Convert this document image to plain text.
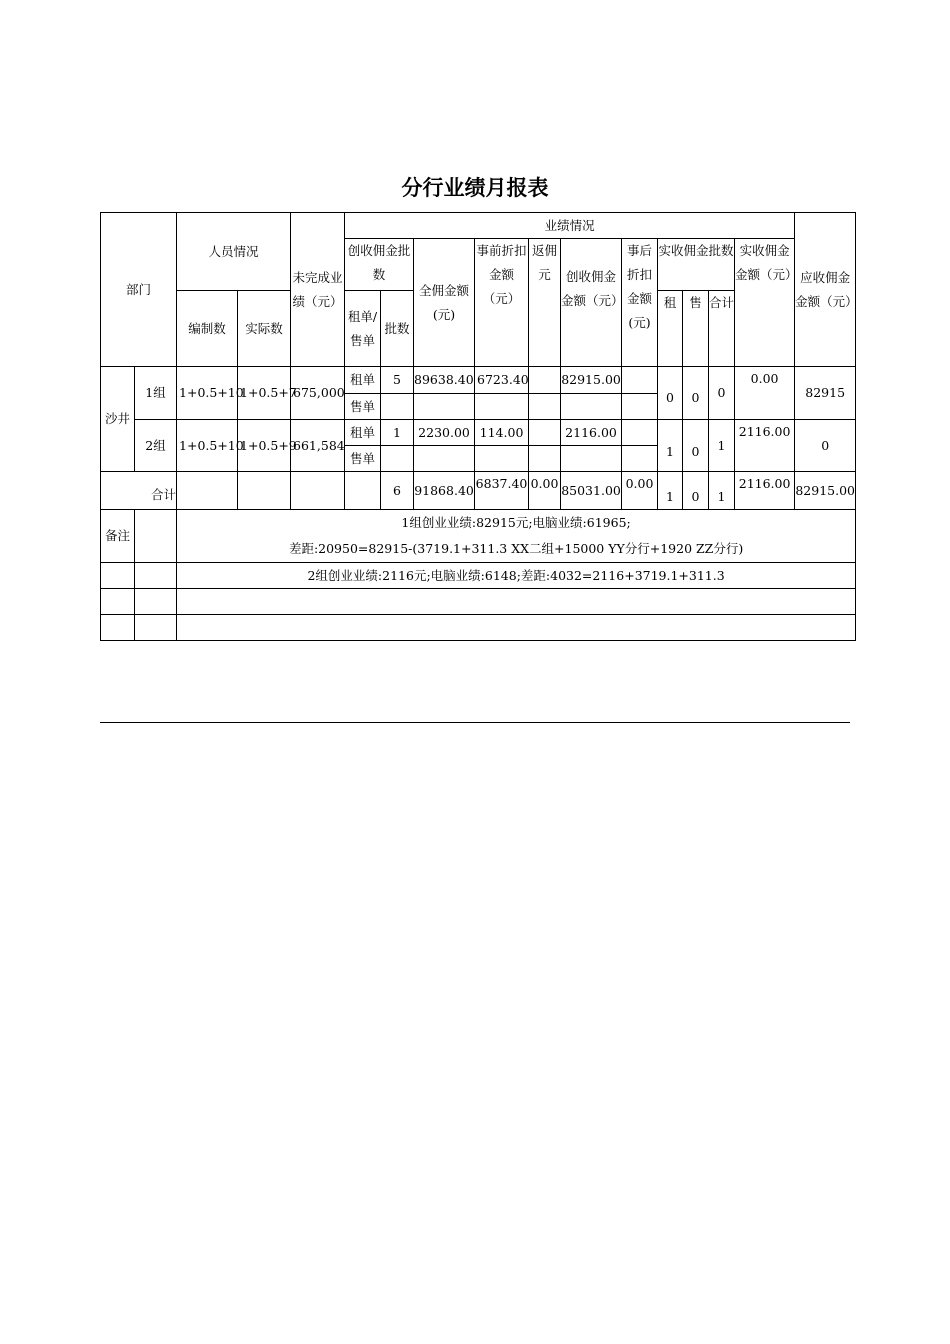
分行业绩月报表
部门		人员情况		未完成业绩（元）	业绩情况											应收佣金金额（元）
					创收佣金批数		全佣金额(元)	事前折扣金额（元）	返佣元	创收佣金金额（元）	事后折扣金额(元)	实收佣金批数			实收佣金金额（元）	
		编制数	实际数		租单/售单	批数						租	售	合计		
沙井	1组	1+0.5+10	1+0.5+7	675,000	租单	5	89638.40	6723.40		82915.00		0	0	0	0.00	82915
					售单											
	2组	1+0.5+10	1+0.5+9	661,584	租单	1	2230.00	114.00		2116.00		1	0	1	2116.00	0
					售单											
合计						6	91868.40	6837.40	0.00	85031.00	0.00	1	0	1	2116.00	82915.00
备注		1组创业业绩:82915元;电脑业绩:61965;
差距:20950=82915-(3719.1+311.3 XX二组+15000 YY分行+1920 ZZ分行)														

		2组创业业绩:2116元;电脑业绩:6148;差距:4032=2116+3719.1+311.3														
